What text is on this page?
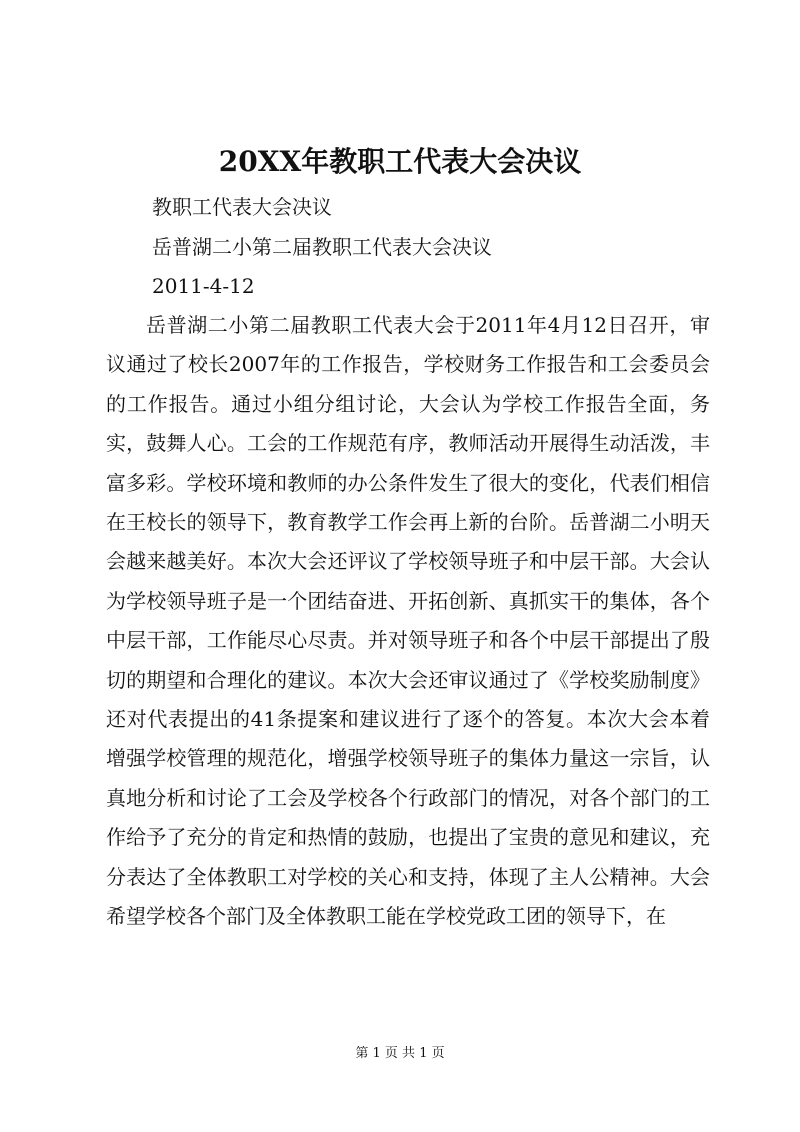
20XX年教职工代表大会决议
教职工代表大会决议
岳普湖二小第二届教职工代表大会决议
2011-4-12

岳普湖二小第二届教职工代表大会于2011年4月12日召开，审议通过了校长2007年的工作报告，学校财务工作报告和工会委员会的工作报告。通过小组分组讨论，大会认为学校工作报告全面，务实，鼓舞人心。工会的工作规范有序，教师活动开展得生动活泼，丰富多彩。学校环境和教师的办公条件发生了很大的变化，代表们相信在王校长的领导下，教育教学工作会再上新的台阶。岳普湖二小明天会越来越美好。本次大会还评议了学校领导班子和中层干部。大会认为学校领导班子是一个团结奋进、开拓创新、真抓实干的集体，各个中层干部，工作能尽心尽责。并对领导班子和各个中层干部提出了殷切的期望和合理化的建议。本次大会还审议通过了《学校奖励制度》还对代表提出的41条提案和建议进行了逐个的答复。本次大会本着增强学校管理的规范化，增强学校领导班子的集体力量这一宗旨，认真地分析和讨论了工会及学校各个行政部门的情况，对各个部门的工作给予了充分的肯定和热情的鼓励，也提出了宝贵的意见和建议，充分表达了全体教职工对学校的关心和支持，体现了主人公精神。大会希望学校各个部门及全体教职工能在学校党政工团的领导下，在

第 1 页 共 1 页
